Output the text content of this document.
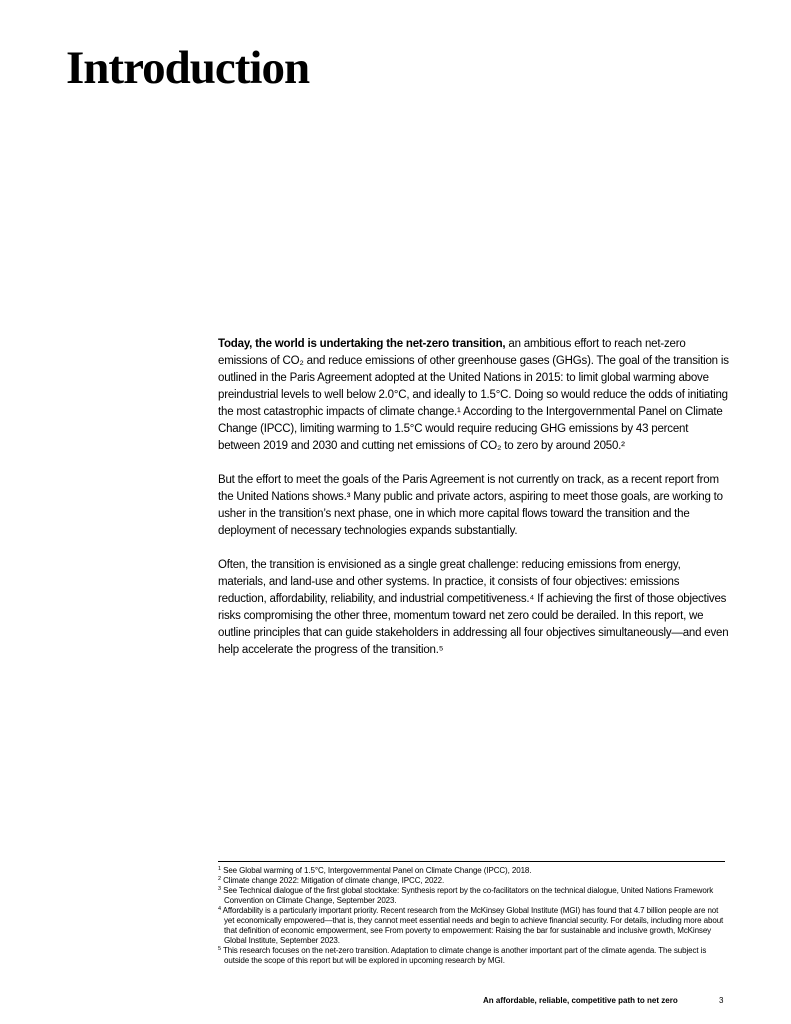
Introduction

Today, the world is undertaking the net-zero transition, an ambitious effort to reach net-zero emissions of CO₂ and reduce emissions of other greenhouse gases (GHGs). The goal of the transition is outlined in the Paris Agreement adopted at the United Nations in 2015: to limit global warming above preindustrial levels to well below 2.0°C, and ideally to 1.5°C. Doing so would reduce the odds of initiating the most catastrophic impacts of climate change.¹ According to the Intergovernmental Panel on Climate Change (IPCC), limiting warming to 1.5°C would require reducing GHG emissions by 43 percent between 2019 and 2030 and cutting net emissions of CO₂ to zero by around 2050.²

But the effort to meet the goals of the Paris Agreement is not currently on track, as a recent report from the United Nations shows.³ Many public and private actors, aspiring to meet those goals, are working to usher in the transition’s next phase, one in which more capital flows toward the transition and the deployment of necessary technologies expands substantially.

Often, the transition is envisioned as a single great challenge: reducing emissions from energy, materials, and land-use and other systems. In practice, it consists of four objectives: emissions reduction, affordability, reliability, and industrial competitiveness.⁴ If achieving the first of those objectives risks compromising the other three, momentum toward net zero could be derailed. In this report, we outline principles that can guide stakeholders in addressing all four objectives simultaneously—and even help accelerate the progress of the transition.⁵

$^1$ See Global warming of 1.5°C, Intergovernmental Panel on Climate Change (IPCC), 2018.
$^2$ Climate change 2022: Mitigation of climate change, IPCC, 2022.
$^3$ See Technical dialogue of the first global stocktake: Synthesis report by the co-facilitators on the technical dialogue, United Nations Framework Convention on Climate Change, September 2023.
$^4$ Affordability is a particularly important priority. Recent research from the McKinsey Global Institute (MGI) has found that 4.7 billion people are not yet economically empowered—that is, they cannot meet essential needs and begin to achieve financial security. For details, including more about that definition of economic empowerment, see From poverty to empowerment: Raising the bar for sustainable and inclusive growth, McKinsey Global Institute, September 2023.
$^5$ This research focuses on the net-zero transition. Adaptation to climate change is another important part of the climate agenda. The subject is outside the scope of this report but will be explored in upcoming research by MGI.
An affordable, reliable, competitive path to net zero	3
